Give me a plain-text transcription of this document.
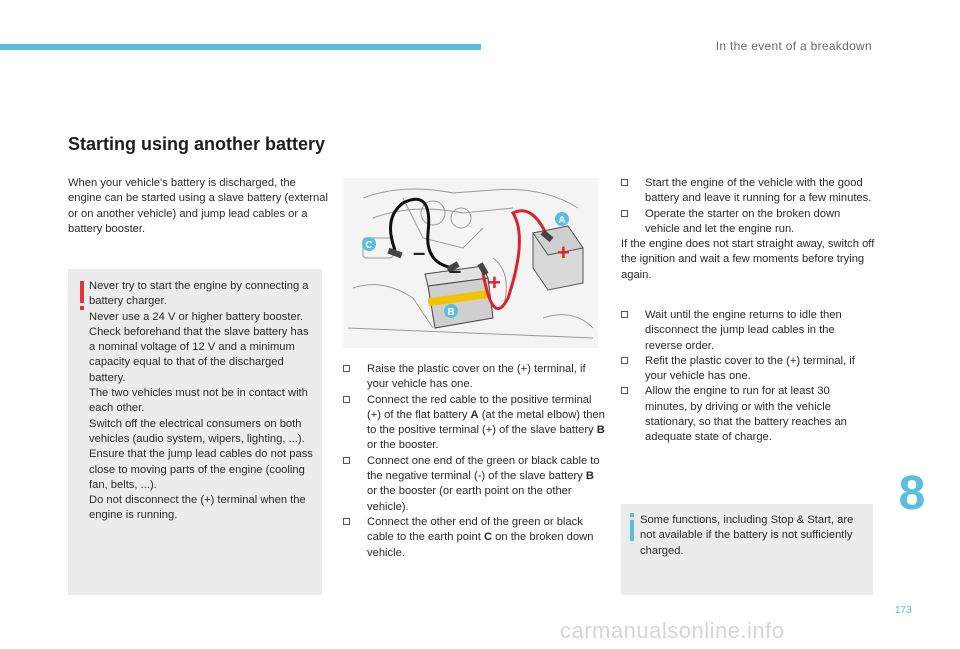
In the event of a breakdown
Starting using another battery
When your vehicle's battery is discharged, the engine can be started using a slave battery (external or on another vehicle) and jump lead cables or a battery booster.

Never try to start the engine by connecting a battery charger.

Never use a 24 V or higher battery booster.

Check beforehand that the slave battery has a nominal voltage of 12 V and a minimum capacity equal to that of the discharged battery.

The two vehicles must not be in contact with each other.

Switch off the electrical consumers on both vehicles (audio system, wipers, lighting, ...).

Ensure that the jump lead cables do not pass close to moving parts of the engine (cooling fan, belts, ...).

Do not disconnect the (+) terminal when the engine is running.

–
– +
+
A
B
C

Raise the plastic cover on the (+) terminal, if your vehicle has one.

Connect the red cable to the positive terminal (+) of the flat battery A (at the metal elbow) then to the positive terminal (+) of the slave battery B or the booster.

Connect one end of the green or black cable to the negative terminal (-) of the slave battery B or the booster (or earth point on the other vehicle).

Connect the other end of the green or black cable to the earth point C on the broken down vehicle.

Start the engine of the vehicle with the good battery and leave it running for a few minutes.

Operate the starter on the broken down vehicle and let the engine run.

If the engine does not start straight away, switch off the ignition and wait a few moments before trying again.

Wait until the engine returns to idle then disconnect the jump lead cables in the reverse order.

Refit the plastic cover to the (+) terminal, if your vehicle has one.

Allow the engine to run for at least 30 minutes, by driving or with the vehicle stationary, so that the battery reaches an adequate state of charge.

Some functions, including Stop & Start, are not available if the battery is not sufficiently charged.

8
173
carmanualsonline.info
